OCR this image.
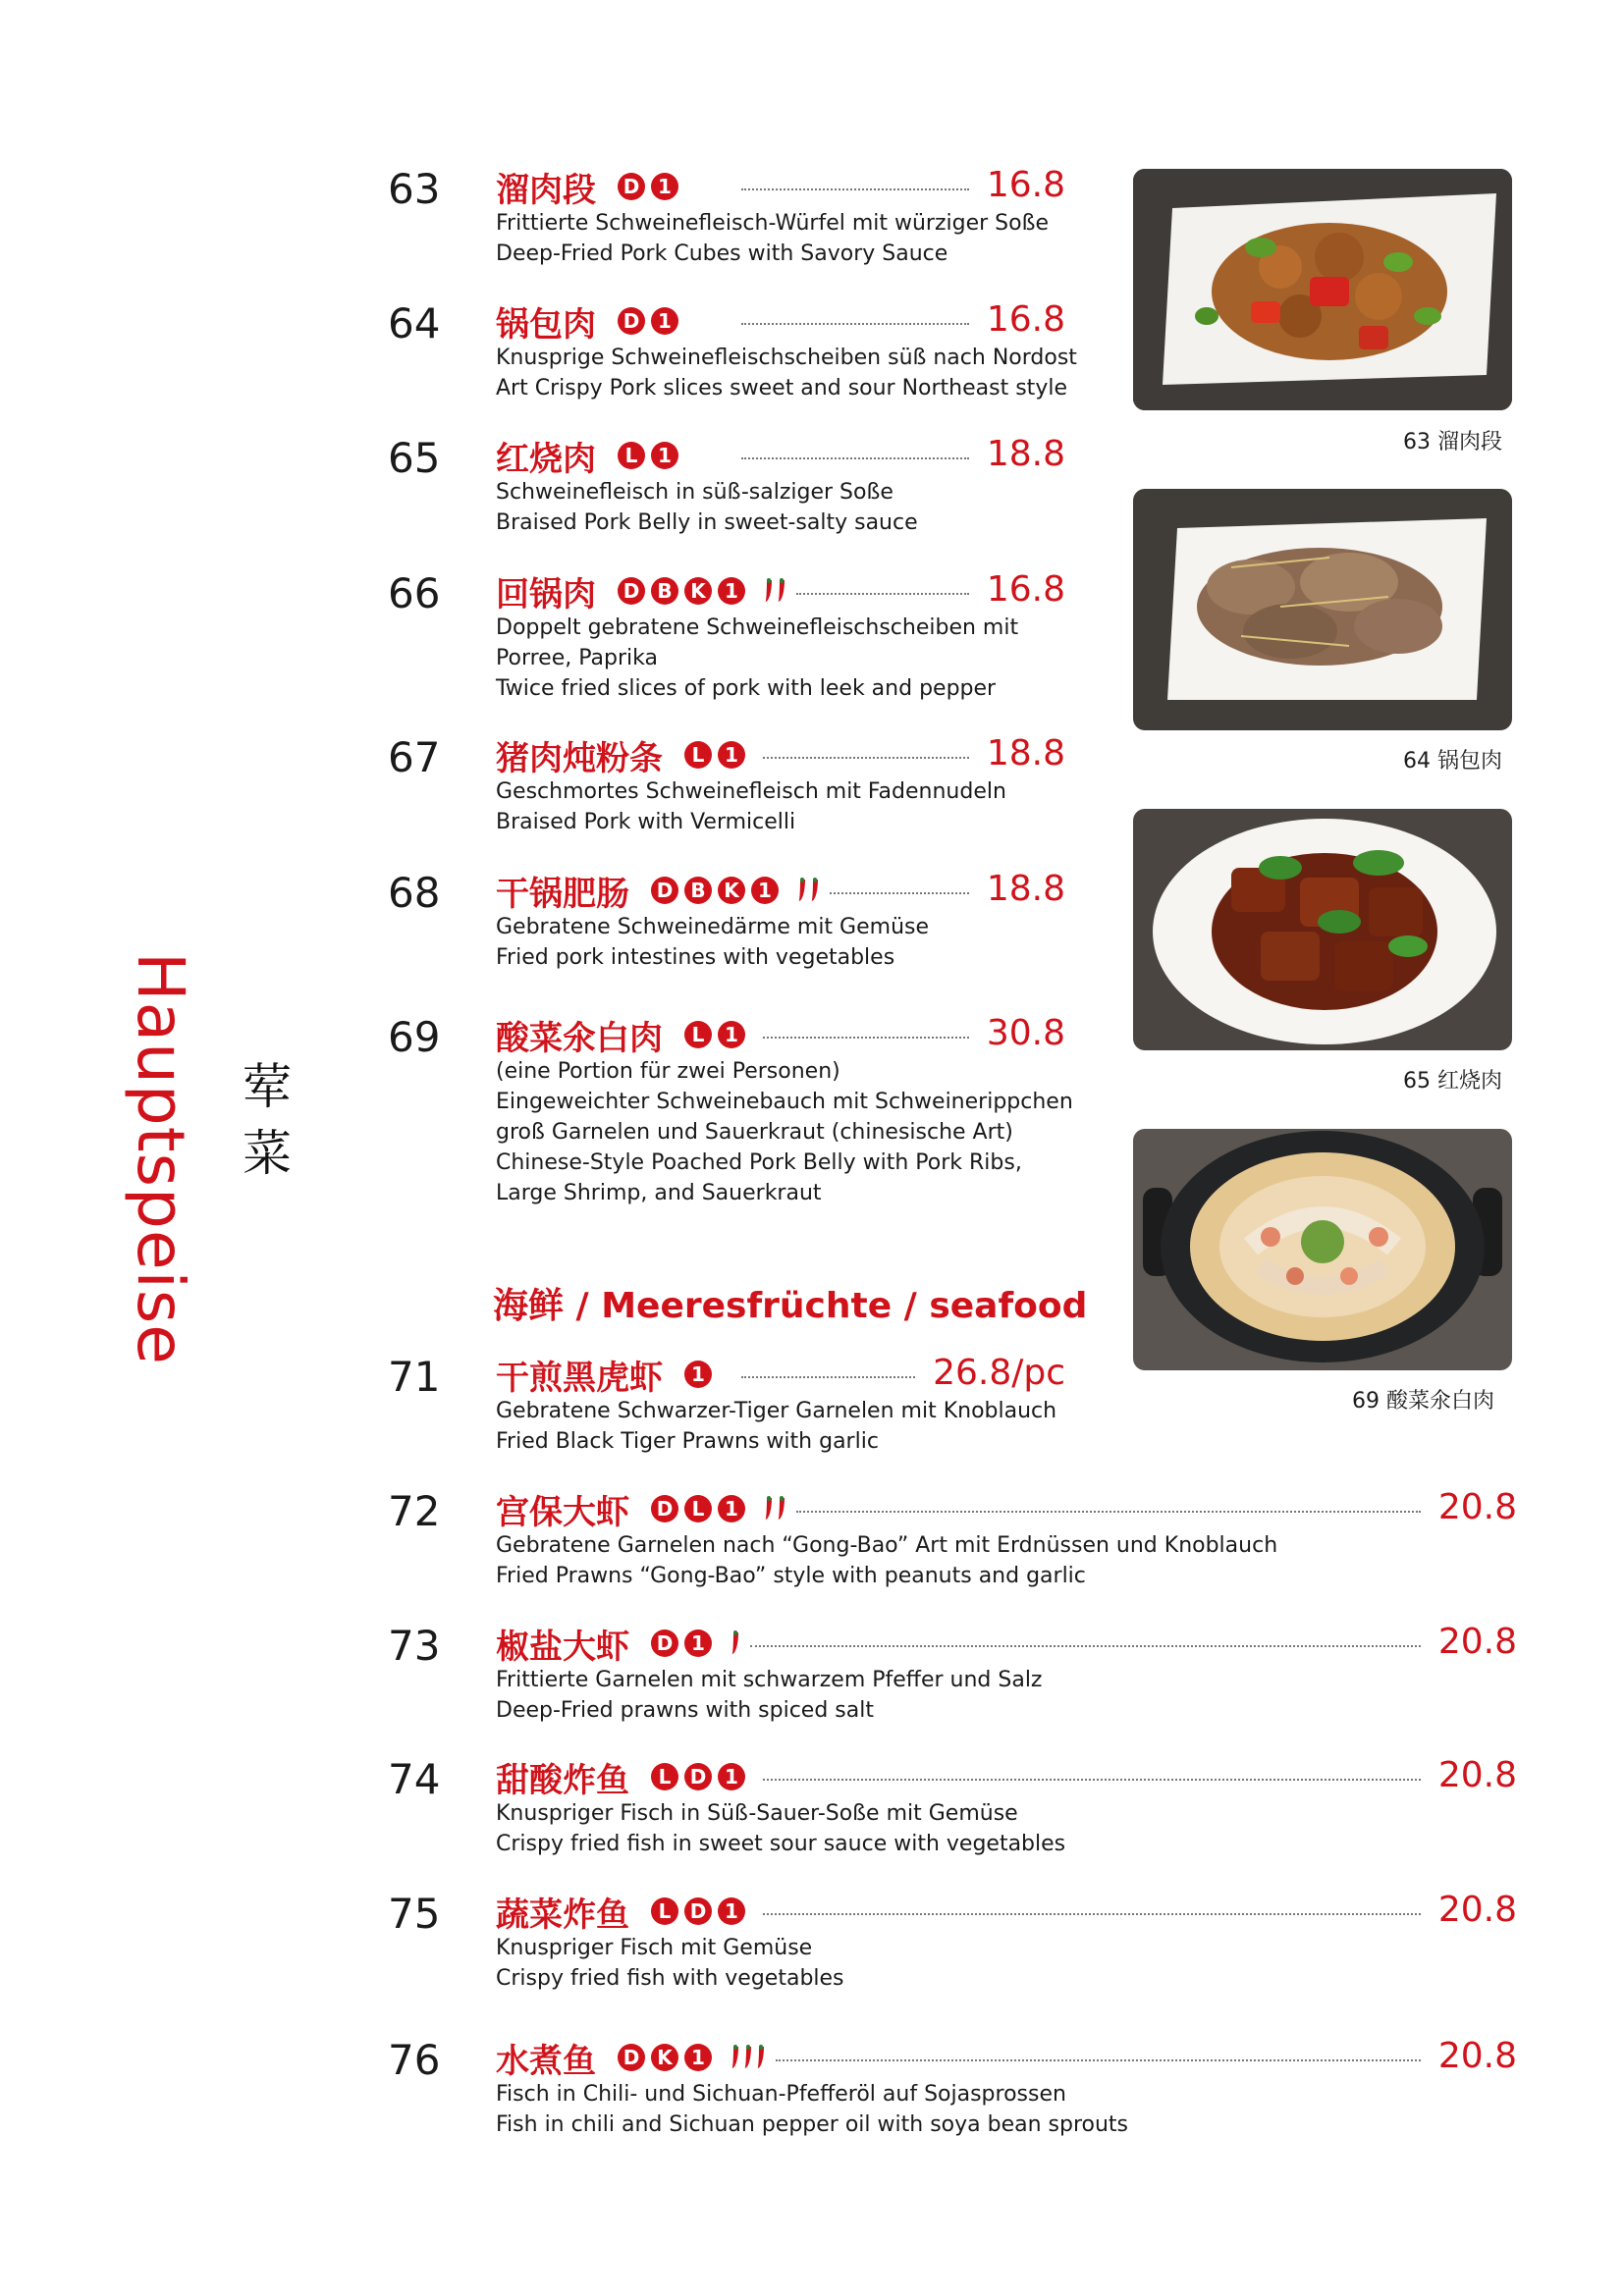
Hauptspeise 荤菜
63 溜肉段 D 1	16.8
Frittierte Schweinefleisch-Würfel mit würziger Soße
Deep-Fried Pork Cubes with Savory Sauce
64 锅包肉 D 1	16.8
Knusprige Schweinefleischscheiben süß nach Nordost
Art Crispy Pork slices sweet and sour Northeast style
65 红烧肉	L	1	18.8
Schweinefleisch in süß-salziger Soße
Braised Pork Belly in sweet-salty sauce
66 回锅肉 D B K 1	16.8
Doppelt gebratene Schweinefleischscheiben mit
Porree, Paprika
Twice fried slices of pork with leek and pepper
67 猪肉炖粉条	L	1	18.8
Geschmortes Schweinefleisch mit Fadennudeln
Braised Pork with Vermicelli
68 干锅肥肠 D B K 1	18.8
Gebratene Schweinedärme mit Gemüse
Fried pork intestines with vegetables
69 酸菜氽白肉	L	1	30.8
(eine Portion für zwei Personen)
Eingeweichter Schweinebauch mit Schweinerippchen
groß Garnelen und Sauerkraut (chinesische Art)
Chinese-Style Poached Pork Belly with Pork Ribs,
Large Shrimp, and Sauerkraut
71 干煎黑虎虾	1	26.8/pc
Gebratene Schwarzer-Tiger Garnelen mit Knoblauch
Fried Black Tiger Prawns with garlic
72 宫保大虾 D L	1	20.8
Gebratene Garnelen nach “Gong-Bao” Art mit Erdnüssen und Knoblauch
Fried Prawns “Gong-Bao” style with peanuts and garlic
73 椒盐大虾 D 1	20.8
Frittierte Garnelen mit schwarzem Pfeffer und Salz
Deep-Fried prawns with spiced salt
74 甜酸炸鱼	L D 1	20.8
Knuspriger Fisch in Süß-Sauer-Soße mit Gemüse
Crispy fried fish in sweet sour sauce with vegetables
75 蔬菜炸鱼	L D 1	20.8
Knuspriger Fisch mit Gemüse
Crispy fried fish with vegetables
76 水煮鱼 D K 1	20.8
Fisch in Chili- und Sichuan-Pfefferöl auf Sojasprossen
Fish in chili and Sichuan pepper oil with soya bean sprouts
海鲜 / Meeresfrüchte / seafood
63 溜肉段
64 锅包肉
65 红烧肉
69 酸菜氽白肉
